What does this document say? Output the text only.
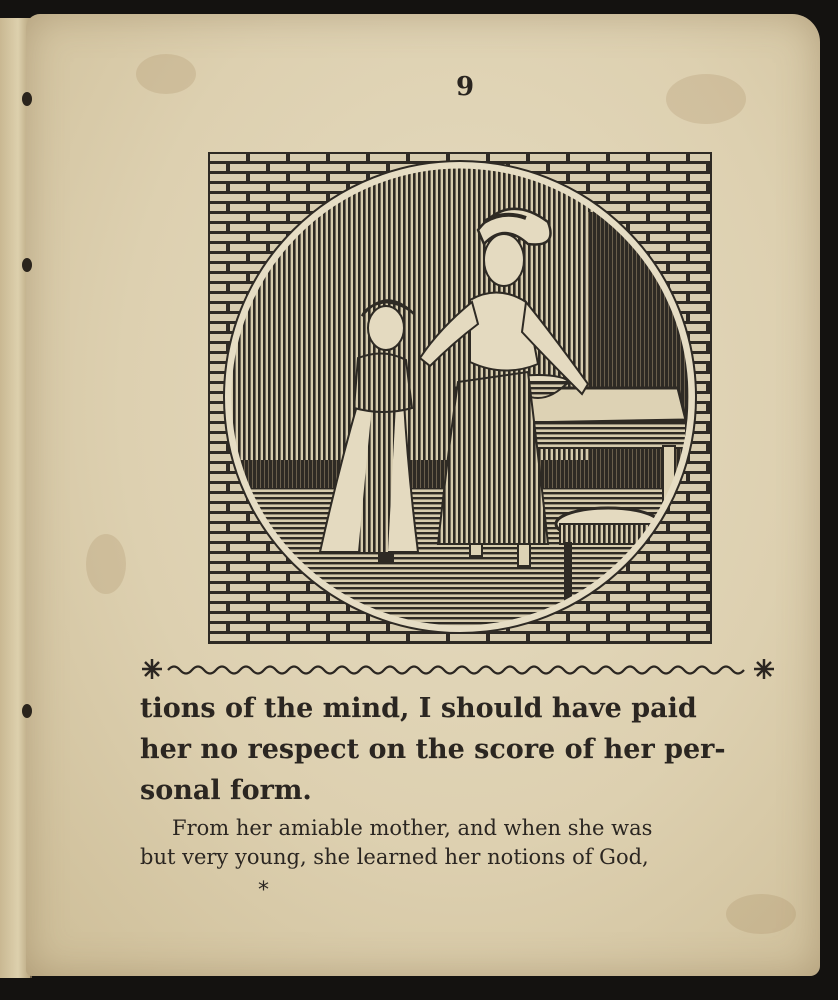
9

tions of the mind, I should have paid
her no respect on the score of her per-
sonal form.

From her amiable mother, and when she was
but very young, she learned her notions of God,

*
